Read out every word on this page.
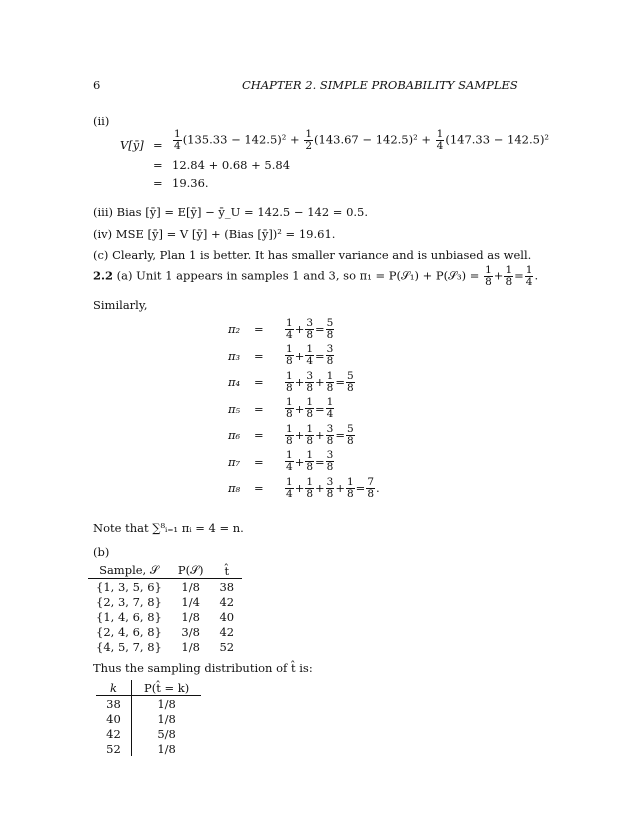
6	CHAPTER 2. SIMPLE PROBABILITY SAMPLES
(ii)
V[ȳ] = $\frac{1}{4} (135.33 - 142.5)^2 + \frac{1}{2} (143.67 - 142.5)^2 + \frac{1}{4} (147.33 - 142.5)^2$
= 12.84 + 0.68 + 5.84
= 19.36.
(iii) Bias [ȳ] = E[ȳ] − ȳ_U = 142.5 − 142 = 0.5.
(iv) MSE [ȳ] = V [ȳ] + (Bias [ȳ])² = 19.61.
(c) Clearly, Plan 1 is better. It has smaller variance and is unbiased as well.
2.2 (a) Unit 1 appears in samples 1 and 3, so π₁ = P(𝒮₁) + P(𝒮₃) = $\frac{1}{8} + \frac{1}{8} = \frac{1}{4}$ .
Similarly,
π₂	=	$\frac{1}{4} + \frac{3}{8} = \frac{5}{8}$
π₃	=	$\frac{1}{8} + \frac{1}{4} = \frac{3}{8}$
π₄	=	$\frac{1}{8} + \frac{3}{8} + \frac{1}{8} = \frac{5}{8}$
π₅	=	$\frac{1}{8} + \frac{1}{8} = \frac{1}{4}$
π₆	=	$\frac{1}{8} + \frac{1}{8} + \frac{3}{8} = \frac{5}{8}$
π₇	=	$\frac{1}{4} + \frac{1}{8} = \frac{3}{8}$
π₈	=	$\frac{1}{4} + \frac{1}{8} + \frac{3}{8} + \frac{1}{8} = \frac{7}{8}$ .
Note that ∑⁸ᵢ₌₁ πᵢ = 4 = n.
(b)
Sample, 𝒮	P(𝒮)	t̂
{1, 3, 5, 6}	1/8	38
{2, 3, 7, 8}	1/4	42
{1, 4, 6, 8}	1/8	40
{2, 4, 6, 8}	3/8	42
{4, 5, 7, 8}	1/8	52
Thus the sampling distribution of t̂ is:
k	P(t̂ = k)
38	1/8
40	1/8
42	5/8
52	1/8
